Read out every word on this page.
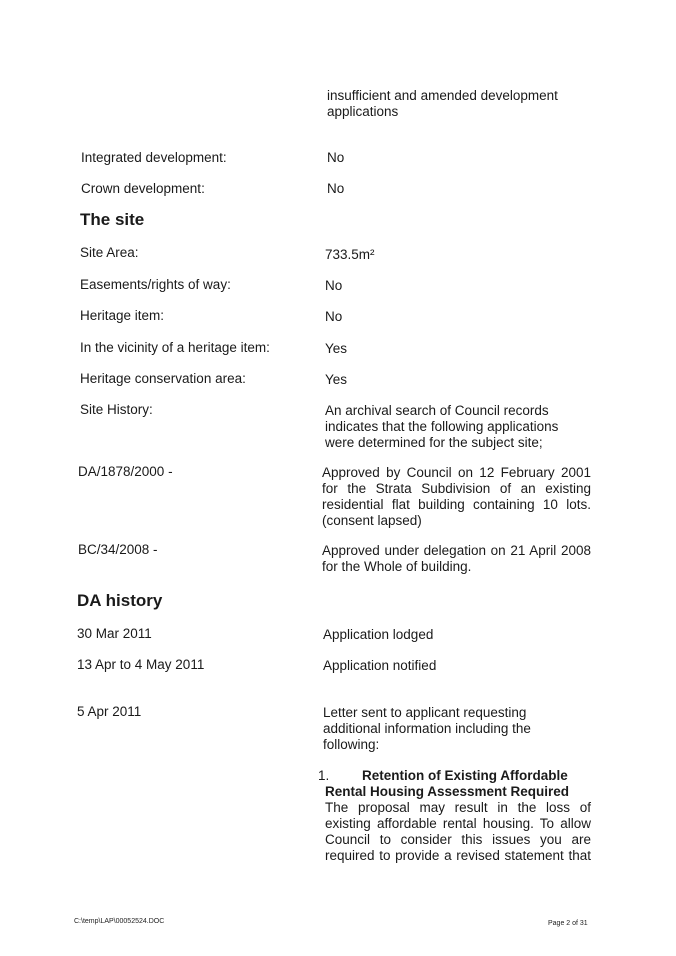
insufficient and amended development

applications

Integrated development:	No

Crown development:	No

The site

Site Area:	733.5m²

Easements/rights of way:	No

Heritage item:	No

In the vicinity of a heritage item:	Yes

Heritage conservation area:	Yes

Site History:	An archival search of Council records indicates that the following applications were determined for the subject site;

DA/1878/2000 -	Approved by Council on 12 February 2001 for the Strata Subdivision of an existing residential flat building containing 10 lots. (consent lapsed)

BC/34/2008 -	Approved under delegation on 21 April 2008 for the Whole of building.

DA history

30 Mar 2011	Application lodged

13 Apr to 4 May 2011	Application notified

5 Apr 2011	Letter sent to applicant requesting additional information including the following:

1.	Retention of Existing Affordable Rental Housing Assessment Required

The proposal may result in the loss of existing affordable rental housing. To allow Council to consider this issues you are required to provide a revised statement that

C:\temp\LAP\00052524.DOC	Page 2 of 31
